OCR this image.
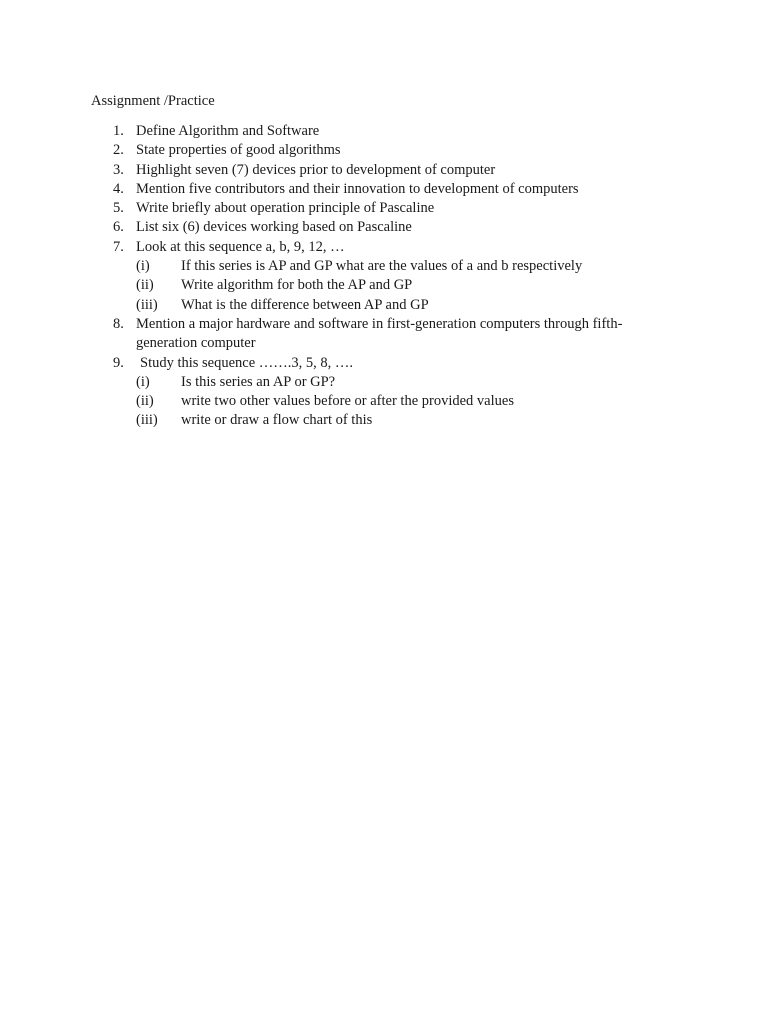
Assignment /Practice
1. Define Algorithm and Software
2. State properties of good algorithms
3. Highlight seven (7) devices prior to development of computer
4. Mention five contributors and their innovation to development of computers
5. Write briefly about operation principle of Pascaline
6. List six (6) devices working based on Pascaline
7. Look at this sequence a, b, 9, 12, …
(i) If this series is AP and GP what are the values of a and b respectively
(ii) Write algorithm for both the AP and GP
(iii) What is the difference between AP and GP
8. Mention a major hardware and software in first-generation computers through fifth-generation computer
9. Study this sequence …….3, 5, 8, ….
(i) Is this series an AP or GP?
(ii) write two other values before or after the provided values
(iii) write or draw a flow chart of this
